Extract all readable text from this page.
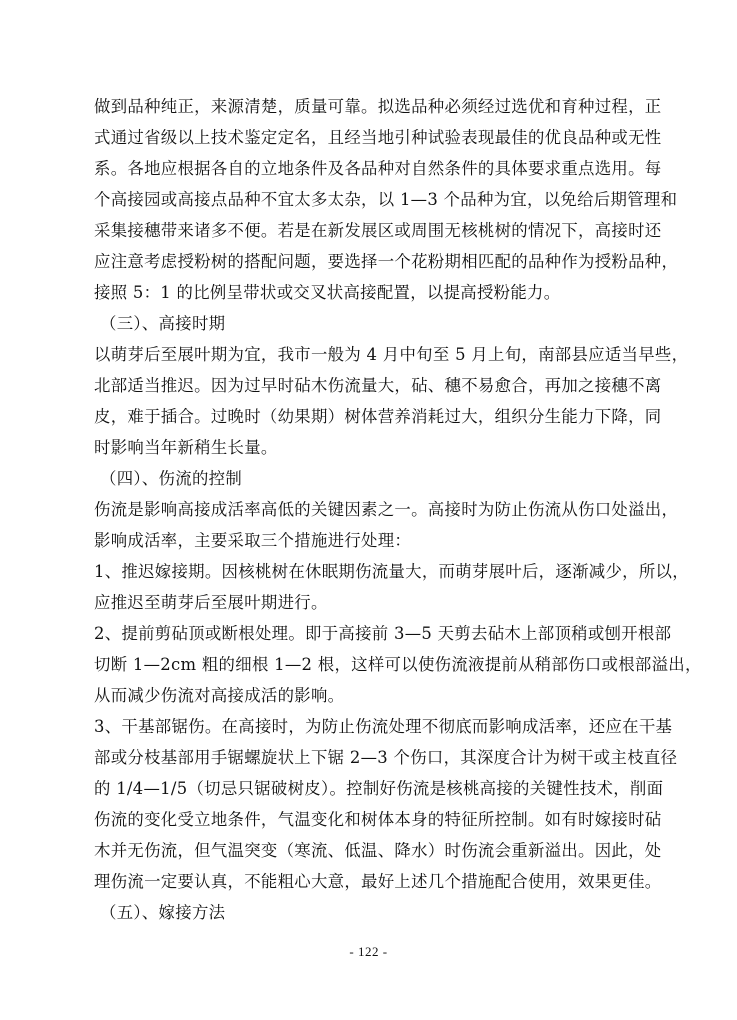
做到品种纯正，来源清楚，质量可靠。拟选品种必须经过选优和育种过程，正
式通过省级以上技术鉴定定名，且经当地引种试验表现最佳的优良品种或无性
系。各地应根据各自的立地条件及各品种对自然条件的具体要求重点选用。每
个高接园或高接点品种不宜太多太杂，以 1—3 个品种为宜，以免给后期管理和
采集接穗带来诸多不便。若是在新发展区或周围无核桃树的情况下，高接时还
应注意考虑授粉树的搭配问题，要选择一个花粉期相匹配的品种作为授粉品种，
接照 5：1 的比例呈带状或交叉状高接配置，以提高授粉能力。
（三）、高接时期
以萌芽后至展叶期为宜，我市一般为 4 月中旬至 5 月上旬，南部县应适当早些，
北部适当推迟。因为过早时砧木伤流量大，砧、穗不易愈合，再加之接穗不离
皮，难于插合。过晚时（幼果期）树体营养消耗过大，组织分生能力下降，同
时影响当年新稍生长量。
（四）、伤流的控制
伤流是影响高接成活率高低的关键因素之一。高接时为防止伤流从伤口处溢出，
影响成活率，主要采取三个措施进行处理：
1、推迟嫁接期。因核桃树在休眠期伤流量大，而萌芽展叶后，逐渐减少，所以，
应推迟至萌芽后至展叶期进行。
2、提前剪砧顶或断根处理。即于高接前 3—5 天剪去砧木上部顶稍或刨开根部
切断 1—2cm 粗的细根 1—2 根，这样可以使伤流液提前从稍部伤口或根部溢出，
从而减少伤流对高接成活的影响。
3、干基部锯伤。在高接时，为防止伤流处理不彻底而影响成活率，还应在干基
部或分枝基部用手锯螺旋状上下锯 2—3 个伤口，其深度合计为树干或主枝直径
的 1/4—1/5（切忌只锯破树皮）。控制好伤流是核桃高接的关键性技术，削面
伤流的变化受立地条件，气温变化和树体本身的特征所控制。如有时嫁接时砧
木并无伤流，但气温突变（寒流、低温、降水）时伤流会重新溢出。因此，处
理伤流一定要认真，不能粗心大意，最好上述几个措施配合使用，效果更佳。
（五）、嫁接方法
- 122 -
